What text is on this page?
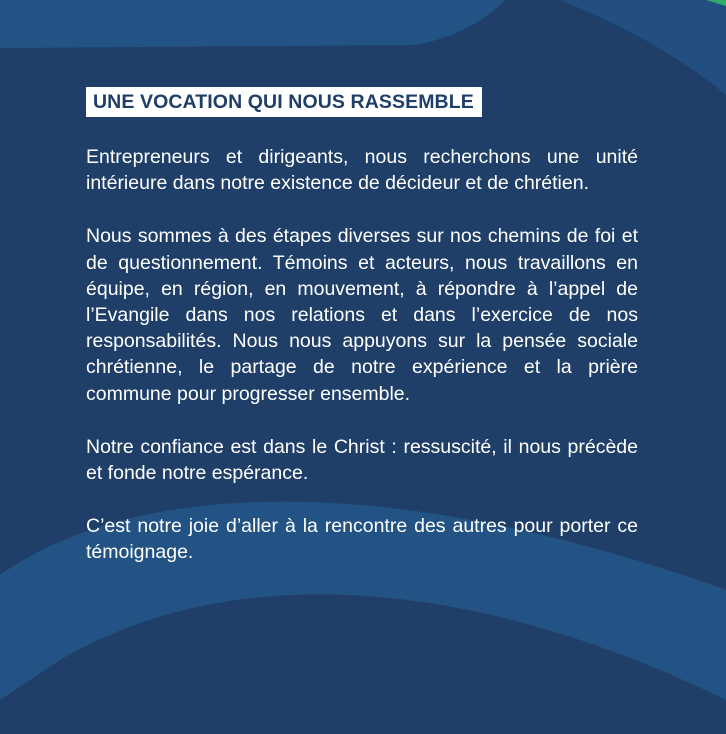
UNE VOCATION QUI NOUS RASSEMBLE

Entrepreneurs et dirigeants, nous recherchons une unité intérieure dans notre existence de décideur et de chrétien.

Nous sommes à des étapes diverses sur nos chemins de foi et de questionnement. Témoins et acteurs, nous travaillons en équipe, en région, en mouvement, à répondre à l’appel de l’Evangile dans nos relations et dans l’exercice de nos responsabilités. Nous nous appuyons sur la pensée sociale chrétienne, le partage de notre expérience et la prière commune pour progresser ensemble.

Notre confiance est dans le Christ : ressuscité, il nous précède et fonde notre espérance.

C’est notre joie d’aller à la rencontre des autres pour porter ce témoignage.
